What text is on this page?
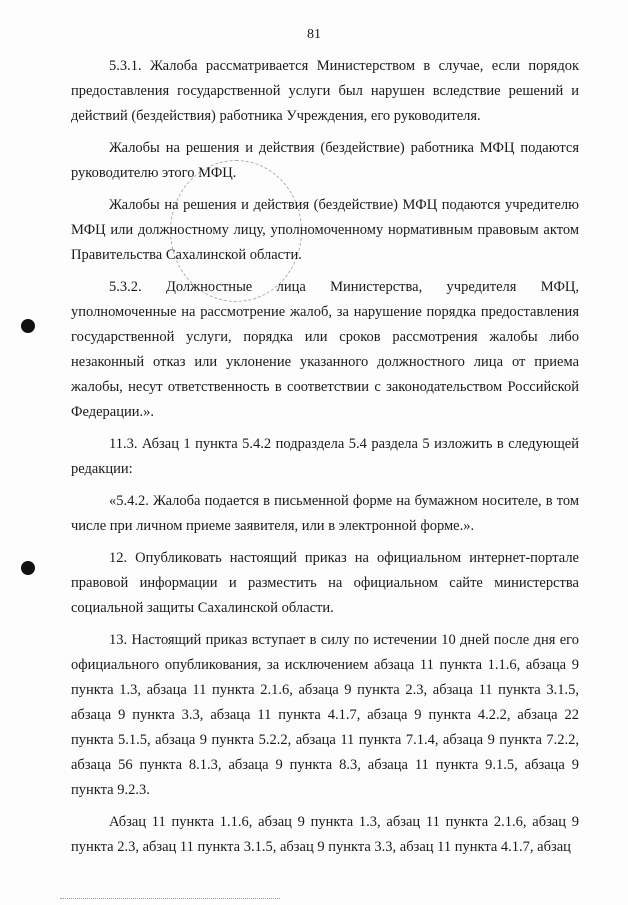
81

5.3.1. Жалоба рассматривается Министерством в случае, если порядок предоставления государственной услуги был нарушен вследствие решений и действий (бездействия) работника Учреждения, его руководителя.

Жалобы на решения и действия (бездействие) работника МФЦ подаются руководителю этого МФЦ.

Жалобы на решения и действия (бездействие) МФЦ подаются учредителю МФЦ или должностному лицу, уполномоченному нормативным правовым актом Правительства Сахалинской области.

5.3.2. Должностные лица Министерства, учредителя МФЦ, уполномоченные на рассмотрение жалоб, за нарушение порядка предоставления государственной услуги, порядка или сроков рассмотрения жалобы либо незаконный отказ или уклонение указанного должностного лица от приема жалобы, несут ответственность в соответствии с законодательством Российской Федерации.».

11.3. Абзац 1 пункта 5.4.2 подраздела 5.4 раздела 5 изложить в следующей редакции:

«5.4.2. Жалоба подается в письменной форме на бумажном носителе, в том числе при личном приеме заявителя, или в электронной форме.».

12. Опубликовать настоящий приказ на официальном интернет-портале правовой информации и разместить на официальном сайте министерства социальной защиты Сахалинской области.

13. Настоящий приказ вступает в силу по истечении 10 дней после дня его официального опубликования, за исключением абзаца 11 пункта 1.1.6, абзаца 9 пункта 1.3, абзаца 11 пункта 2.1.6, абзаца 9 пункта 2.3, абзаца 11 пункта 3.1.5, абзаца 9 пункта 3.3, абзаца 11 пункта 4.1.7, абзаца 9 пункта 4.2.2, абзаца 22 пункта 5.1.5, абзаца 9 пункта 5.2.2, абзаца 11 пункта 7.1.4, абзаца 9 пункта 7.2.2, абзаца 56 пункта 8.1.3, абзаца 9 пункта 8.3, абзаца 11 пункта 9.1.5, абзаца 9 пункта 9.2.3.

Абзац 11 пункта 1.1.6, абзац 9 пункта 1.3, абзац 11 пункта 2.1.6, абзац 9 пункта 2.3, абзац 11 пункта 3.1.5, абзац 9 пункта 3.3, абзац 11 пункта 4.1.7, абзац
